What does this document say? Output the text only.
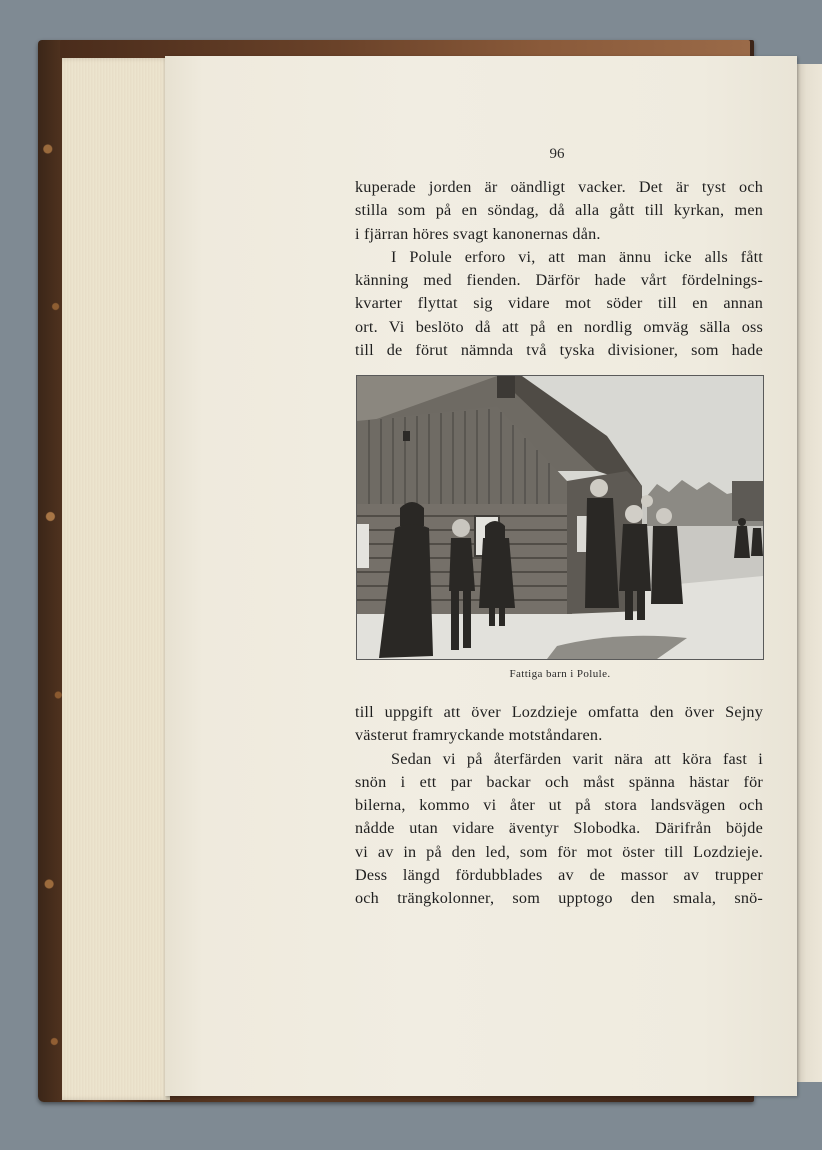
96
kuperade jorden är oändligt vacker. Det är tyst och
stilla som på en söndag, då alla gått till kyrkan, men
i fjärran höres svagt kanonernas dån.
I Polule erforo vi, att man ännu icke alls fått
känning med fienden. Därför hade vårt fördelnings-
kvarter flyttat sig vidare mot söder till en annan
ort. Vi beslöto då att på en nordlig omväg sälla oss
till de förut nämnda två tyska divisioner, som hade
Fattiga barn i Polule.
till uppgift att över Lozdzieje omfatta den över Sejny
västerut framryckande motståndaren.
Sedan vi på återfärden varit nära att köra fast i
snön i ett par backar och måst spänna hästar för
bilerna, kommo vi åter ut på stora landsvägen och
nådde utan vidare äventyr Slobodka. Därifrån böjde
vi av in på den led, som för mot öster till Lozdzieje.
Dess längd fördubblades av de massor av trupper
och trängkolonner, som upptogo den smala, snö-
